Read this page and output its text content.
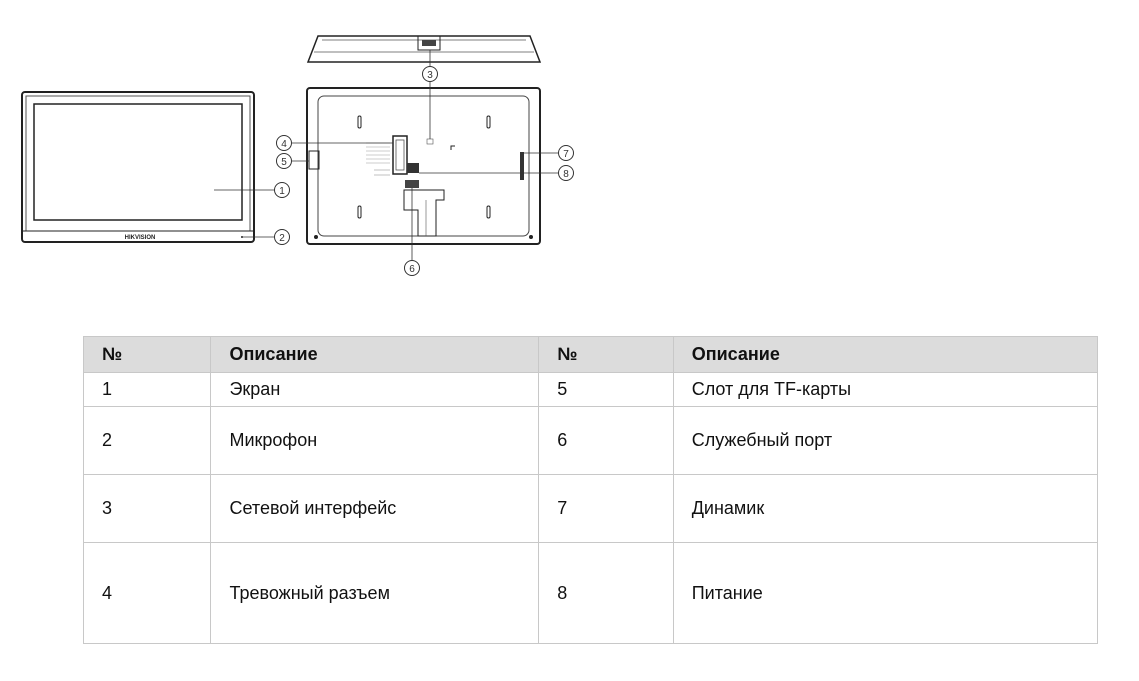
HIKVISION
1
2
3
4
5
6
7
8
№	Описание	№	Описание
1	Экран	5	Слот для TF-карты
2	Микрофон	6	Служебный порт
3	Сетевой интерфейс	7	Динамик
4	Тревожный разъем	8	Питание
